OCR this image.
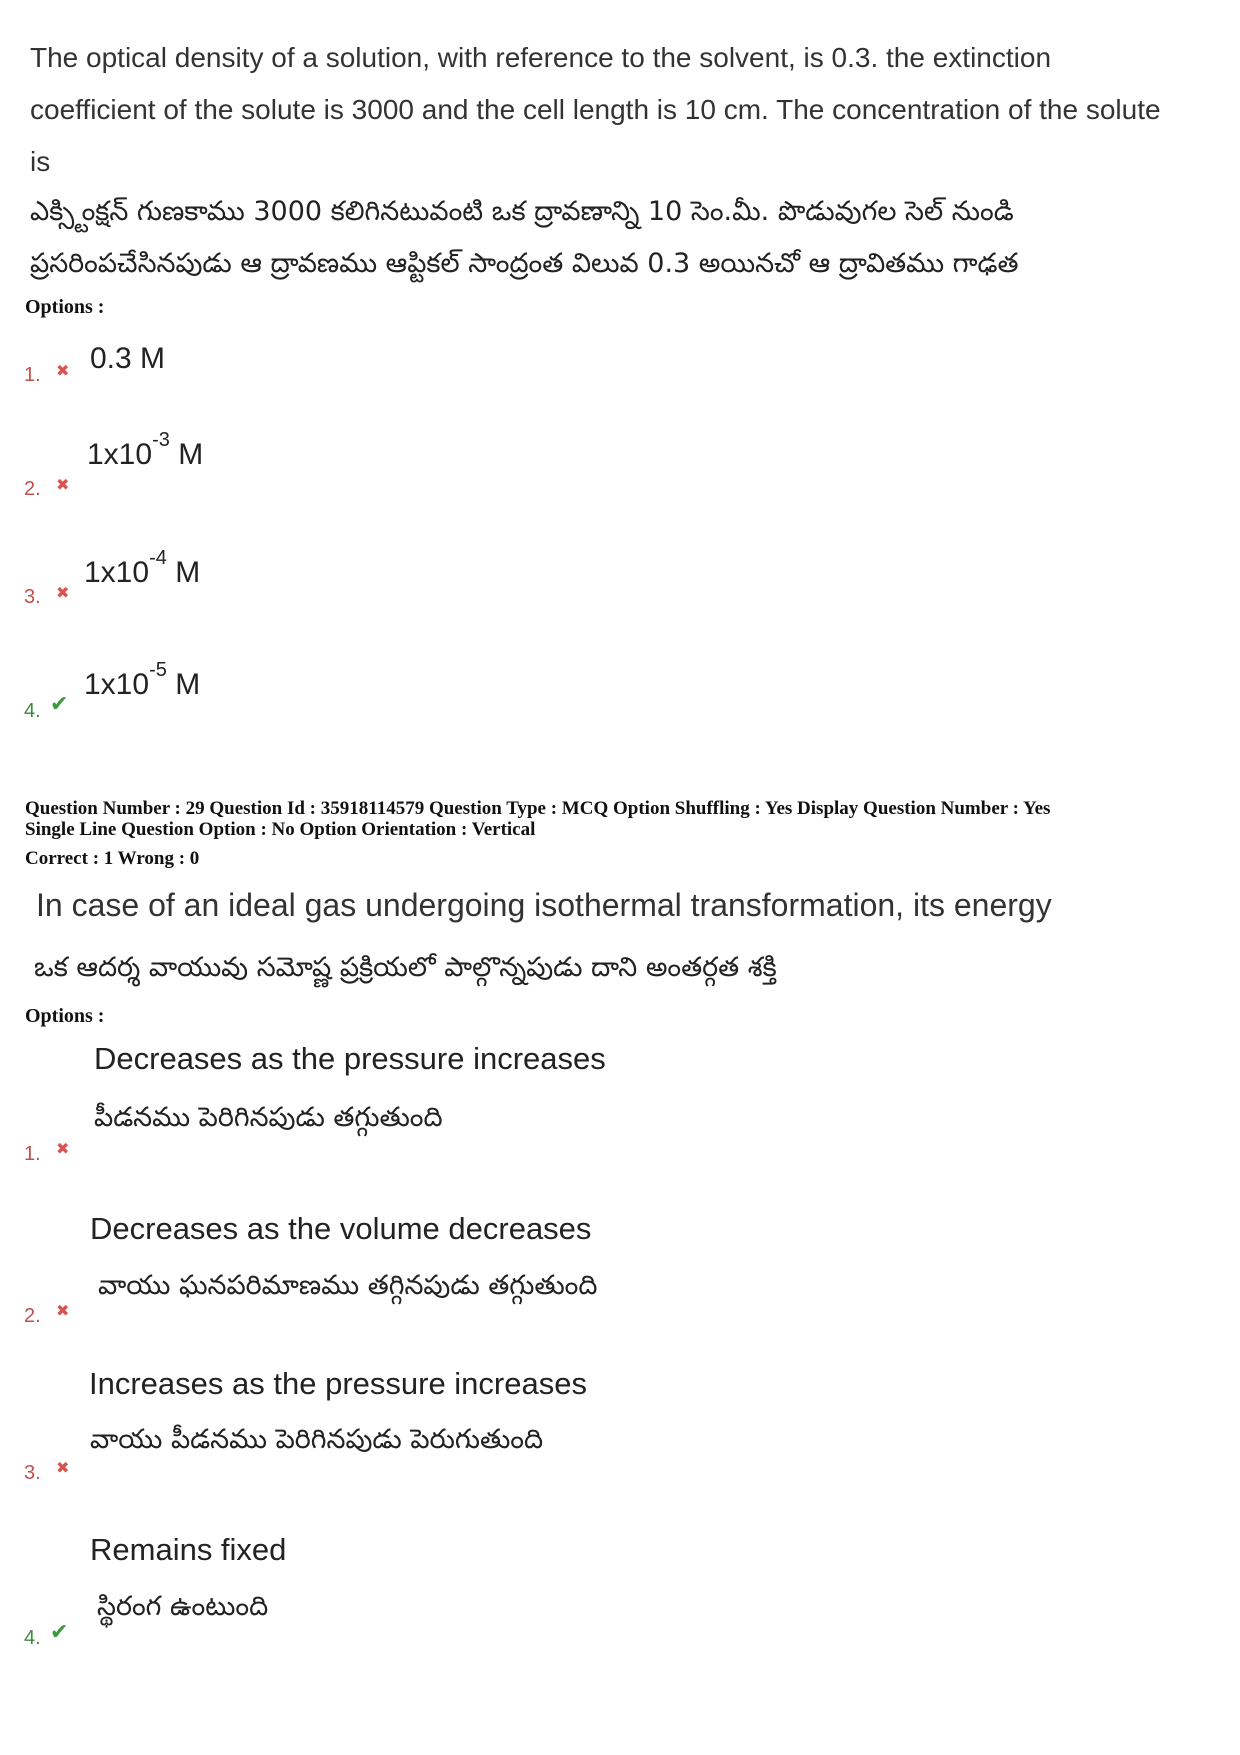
The optical density of a solution, with reference to the solvent, is 0.3. the extinction coefficient of the solute is 3000 and the cell length is 10 cm. The concentration of the solute is

ఎక్స్టింక్షన్ గుణకాము 3000 కలిగినటువంటి ఒక ద్రావణాన్ని 10 సెం.మీ. పొడువుగల సెల్ నుండి

ప్రసరింపచేసినపుడు ఆ ద్రావణము ఆప్టికల్ సాంద్రంత విలువ 0.3 అయినచో ఆ ద్రావితము గాఢత

Options :

1. ✖ 0.3 M
2. ✖
$1x10^{-3}$ M
3. ✖
$1x10^{-4}$ M
4. ✔
$1x10^{-5}$ M

Question Number : 29 Question Id : 35918114579 Question Type : MCQ Option Shuffling : Yes Display Question Number : Yes

Single Line Question Option : No Option Orientation : Vertical

Correct : 1 Wrong : 0

In case of an ideal gas undergoing isothermal transformation, its energy

ఒక ఆదర్శ వాయువు సమోష్ణ ప్రక్రియలో పాల్గొన్నపుడు దాని అంతర్గత శక్తి

Options :

Decreases as the pressure increases
పీడనము పెరిగినపుడు తగ్గుతుంది
1. ✖
Decreases as the volume decreases
వాయు ఘనపరిమాణము తగ్గినపుడు తగ్గుతుంది
2. ✖
Increases as the pressure increases
వాయు పీడనము పెరిగినపుడు పెరుగుతుంది
3. ✖
Remains fixed
స్థిరంగ ఉంటుంది
4. ✔
